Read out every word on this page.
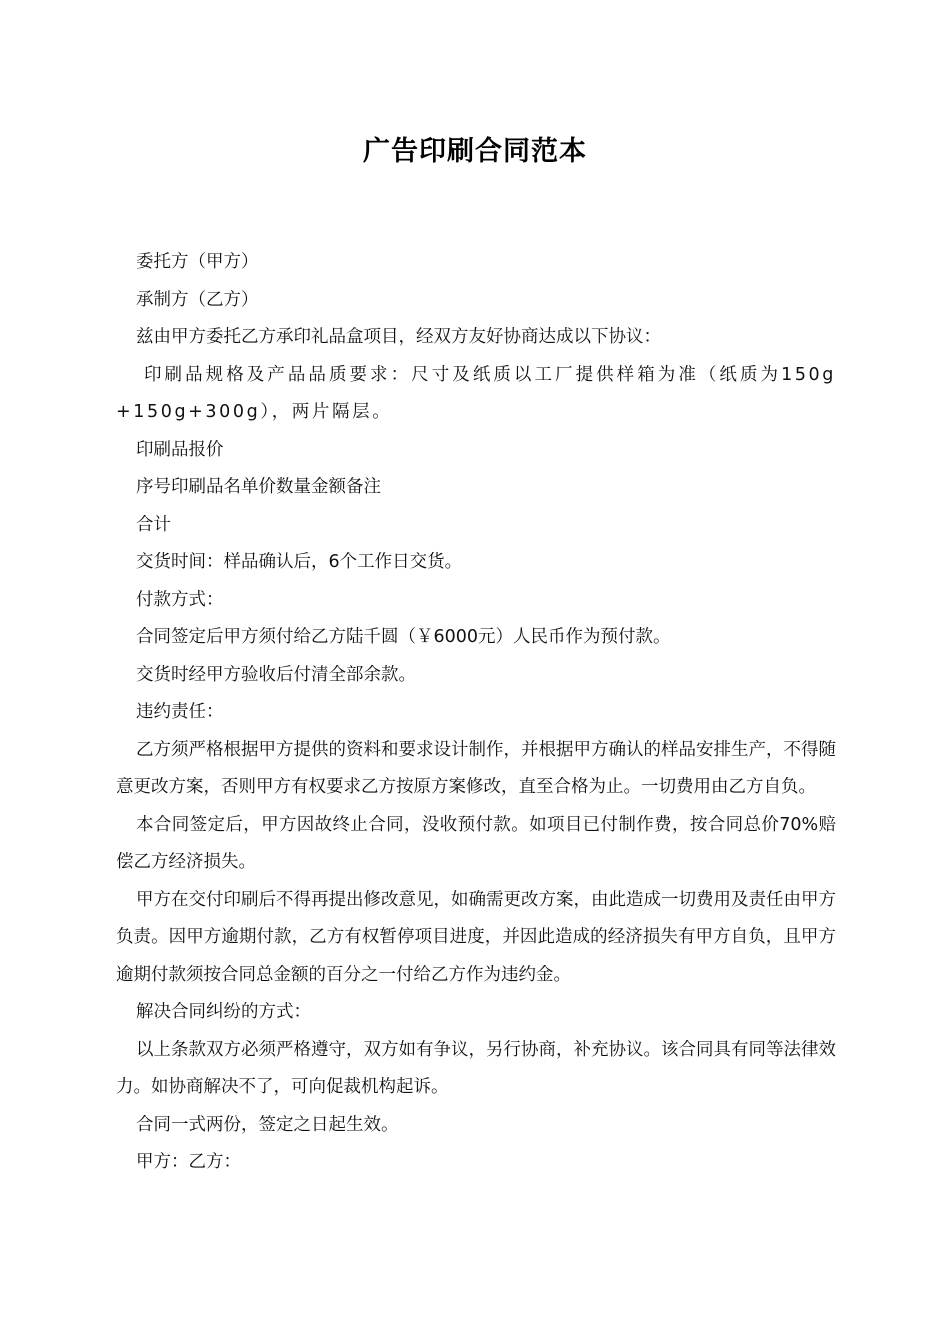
广告印刷合同范本

委托方（甲方）

承制方（乙方）

兹由甲方委托乙方承印礼品盒项目，经双方友好协商达成以下协议：

印刷品规格及产品品质要求：尺寸及纸质以工厂提供样箱为准（纸质为150g+150g+300g），两片隔层。

印刷品报价

序号印刷品名单价数量金额备注

合计

交货时间：样品确认后，6个工作日交货。

付款方式：

合同签定后甲方须付给乙方陆千圆（￥6000元）人民币作为预付款。

交货时经甲方验收后付清全部余款。

违约责任：

乙方须严格根据甲方提供的资料和要求设计制作，并根据甲方确认的样品安排生产，不得随意更改方案，否则甲方有权要求乙方按原方案修改，直至合格为止。一切费用由乙方自负。

本合同签定后，甲方因故终止合同，没收预付款。如项目已付制作费，按合同总价70%赔偿乙方经济损失。

甲方在交付印刷后不得再提出修改意见，如确需更改方案，由此造成一切费用及责任由甲方负责。因甲方逾期付款，乙方有权暂停项目进度，并因此造成的经济损失有甲方自负，且甲方逾期付款须按合同总金额的百分之一付给乙方作为违约金。

解决合同纠纷的方式：

以上条款双方必须严格遵守，双方如有争议，另行协商，补充协议。该合同具有同等法律效力。如协商解决不了，可向促裁机构起诉。

合同一式两份，签定之日起生效。

甲方：乙方：
